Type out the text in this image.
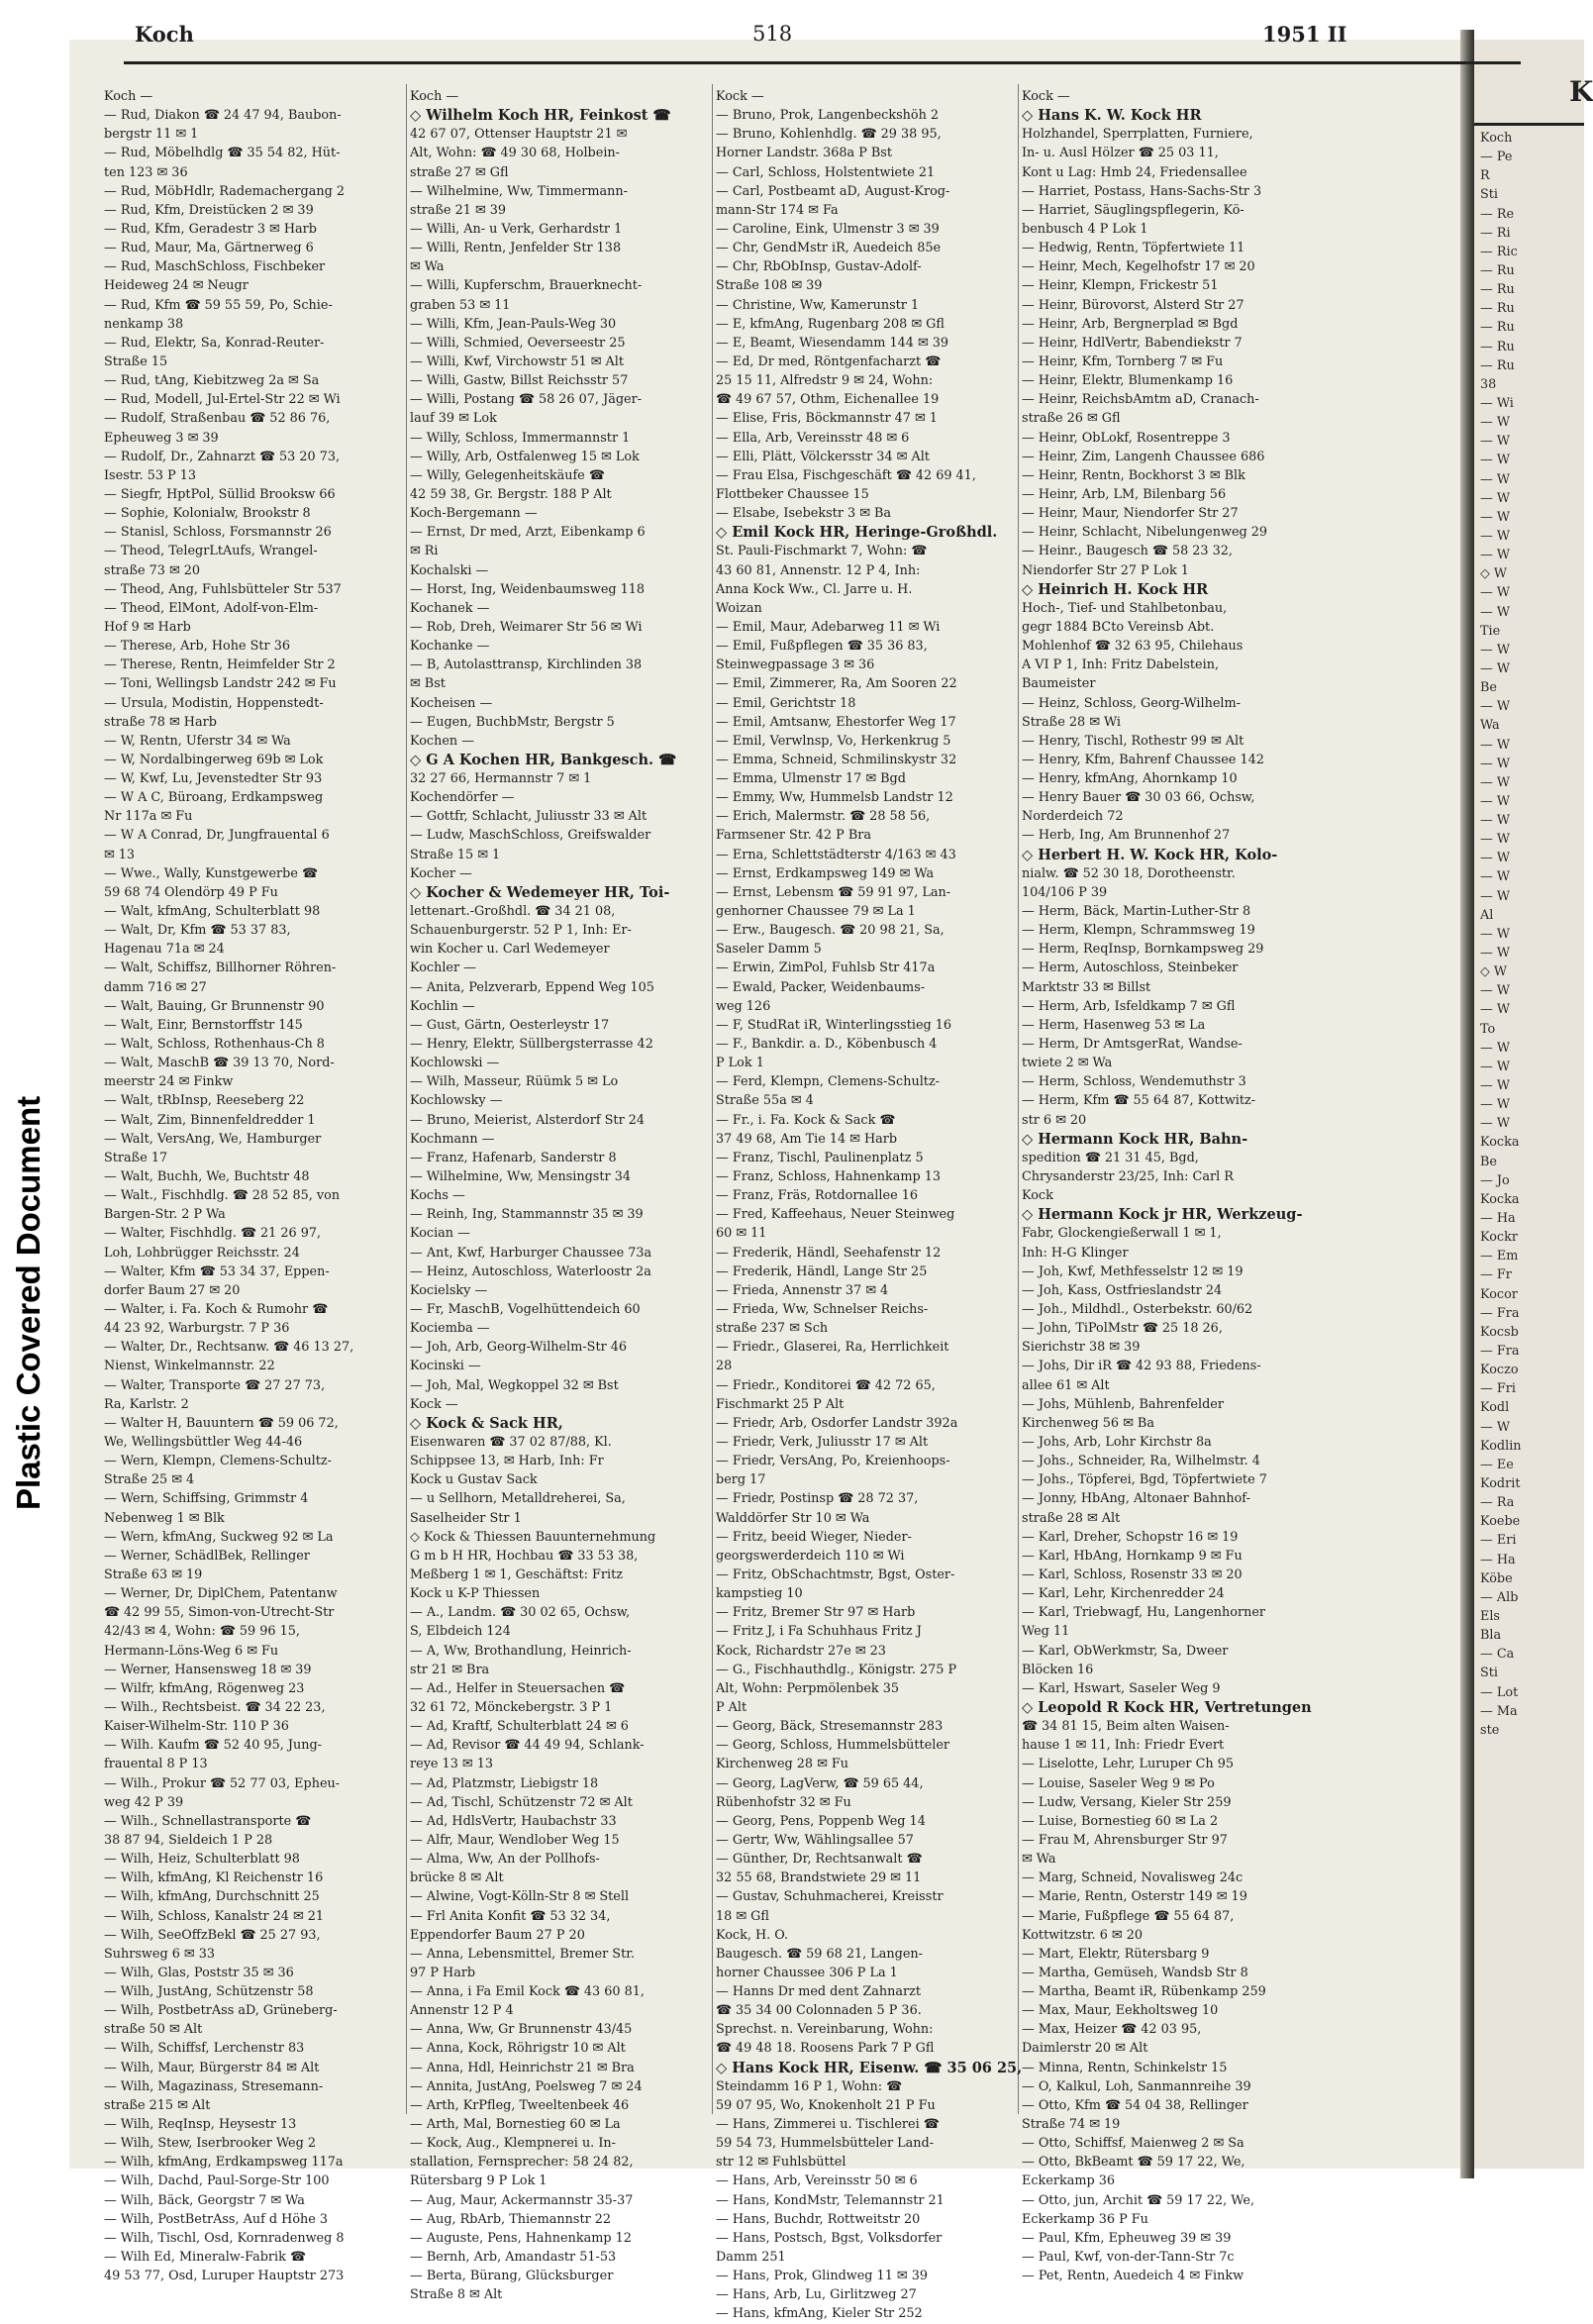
K
Koch
— Pe
R
Sti
— Re
— Ri
— Ric
— Ru
— Ru
— Ru
— Ru
— Ru
— Ru
38
— Wi
— W
— W
— W
— W
— W
— W
— W
— W
◇ W
— W
— W
Tie
— W
— W
Be
— W
Wa
— W
— W
— W
— W
— W
— W
— W
— W
— W
Al
— W
— W
◇ W
— W
— W
To
— W
— W
— W
— W
— W
Kocka
Be
— Jo
Kocka
— Ha
Kockr
— Em
— Fr
Kocor
— Fra
Kocsb
— Fra
Koczo
— Fri
Kodl
— W
Kodlin
— Ee
Kodrit
— Ra
Koebe
— Eri
— Ha
Köbe
— Alb
Els
Bla
— Ca
Sti
— Lot
— Ma
ste
Koch	518	1951 II
Koch —
— Rud, Diakon ☎ 24 47 94, Baubon-
bergstr 11 ✉ 1
— Rud, Möbelhdlg ☎ 35 54 82, Hüt-
ten 123 ✉ 36
— Rud, MöbHdlr, Rademachergang 2
— Rud, Kfm, Dreistücken 2 ✉ 39
— Rud, Kfm, Geradestr 3 ✉ Harb
— Rud, Maur, Ma, Gärtnerweg 6
— Rud, MaschSchloss, Fischbeker
Heideweg 24 ✉ Neugr
— Rud, Kfm ☎ 59 55 59, Po, Schie-
nenkamp 38
— Rud, Elektr, Sa, Konrad-Reuter-
Straße 15
— Rud, tAng, Kiebitzweg 2a ✉ Sa
— Rud, Modell, Jul-Ertel-Str 22 ✉ Wi
— Rudolf, Straßenbau ☎ 52 86 76,
Epheuweg 3 ✉ 39
— Rudolf, Dr., Zahnarzt ☎ 53 20 73,
Isestr. 53 P 13
— Siegfr, HptPol, Süllid Brooksw 66
— Sophie, Kolonialw, Brookstr 8
— Stanisl, Schloss, Forsmannstr 26
— Theod, TelegrLtAufs, Wrangel-
straße 73 ✉ 20
— Theod, Ang, Fuhlsbütteler Str 537
— Theod, ElMont, Adolf-von-Elm-
Hof 9 ✉ Harb
— Therese, Arb, Hohe Str 36
— Therese, Rentn, Heimfelder Str 2
— Toni, Wellingsb Landstr 242 ✉ Fu
— Ursula, Modistin, Hoppenstedt-
straße 78 ✉ Harb
— W, Rentn, Uferstr 34 ✉ Wa
— W, Nordalbingerweg 69b ✉ Lok
— W, Kwf, Lu, Jevenstedter Str 93
— W A C, Büroang, Erdkampsweg
Nr 117a ✉ Fu
— W A Conrad, Dr, Jungfrauental 6
✉ 13
— Wwe., Wally, Kunstgewerbe ☎
59 68 74 Olendörp 49 P Fu
— Walt, kfmAng, Schulterblatt 98
— Walt, Dr, Kfm ☎ 53 37 83,
Hagenau 71a ✉ 24
— Walt, Schiffsz, Billhorner Röhren-
damm 716 ✉ 27
— Walt, Bauing, Gr Brunnenstr 90
— Walt, Einr, Bernstorffstr 145
— Walt, Schloss, Rothenhaus-Ch 8
— Walt, MaschB ☎ 39 13 70, Nord-
meerstr 24 ✉ Finkw
— Walt, tRbInsp, Reeseberg 22
— Walt, Zim, Binnenfeldredder 1
— Walt, VersAng, We, Hamburger
Straße 17
— Walt, Buchh, We, Buchtstr 48
— Walt., Fischhdlg. ☎ 28 52 85, von
Bargen-Str. 2 P Wa
— Walter, Fischhdlg. ☎ 21 26 97,
Loh, Lohbrügger Reichsstr. 24
— Walter, Kfm ☎ 53 34 37, Eppen-
dorfer Baum 27 ✉ 20
— Walter, i. Fa. Koch & Rumohr ☎
44 23 92, Warburgstr. 7 P 36
— Walter, Dr., Rechtsanw. ☎ 46 13 27,
Nienst, Winkelmannstr. 22
— Walter, Transporte ☎ 27 27 73,
Ra, Karlstr. 2
— Walter H, Bauuntern ☎ 59 06 72,
We, Wellingsbüttler Weg 44-46
— Wern, Klempn, Clemens-Schultz-
Straße 25 ✉ 4
— Wern, Schiffsing, Grimmstr 4
Nebenweg 1 ✉ Blk
— Wern, kfmAng, Suckweg 92 ✉ La
— Werner, SchädlBek, Rellinger
Straße 63 ✉ 19
— Werner, Dr, DiplChem, Patentanw
☎ 42 99 55, Simon-von-Utrecht-Str
42/43 ✉ 4, Wohn: ☎ 59 96 15,
Hermann-Löns-Weg 6 ✉ Fu
— Werner, Hansensweg 18 ✉ 39
— Wilfr, kfmAng, Rögenweg 23
— Wilh., Rechtsbeist. ☎ 34 22 23,
Kaiser-Wilhelm-Str. 110 P 36
— Wilh. Kaufm ☎ 52 40 95, Jung-
frauental 8 P 13
— Wilh., Prokur ☎ 52 77 03, Epheu-
weg 42 P 39
— Wilh., Schnellastransporte ☎
38 87 94, Sieldeich 1 P 28
— Wilh, Heiz, Schulterblatt 98
— Wilh, kfmAng, Kl Reichenstr 16
— Wilh, kfmAng, Durchschnitt 25
— Wilh, Schloss, Kanalstr 24 ✉ 21
— Wilh, SeeOffzBekl ☎ 25 27 93,
Suhrsweg 6 ✉ 33
— Wilh, Glas, Poststr 35 ✉ 36
— Wilh, JustAng, Schützenstr 58
— Wilh, PostbetrAss aD, Grüneberg-
straße 50 ✉ Alt
— Wilh, Schiffsf, Lerchenstr 83
— Wilh, Maur, Bürgerstr 84 ✉ Alt
— Wilh, Magazinass, Stresemann-
straße 215 ✉ Alt
— Wilh, ReqInsp, Heysestr 13
— Wilh, Stew, Iserbrooker Weg 2
— Wilh, kfmAng, Erdkampsweg 117a
— Wilh, Dachd, Paul-Sorge-Str 100
— Wilh, Bäck, Georgstr 7 ✉ Wa
— Wilh, PostBetrAss, Auf d Höhe 3
— Wilh, Tischl, Osd, Kornradenweg 8
— Wilh Ed, Mineralw-Fabrik ☎
49 53 77, Osd, Luruper Hauptstr 273
Koch —
◇ Wilhelm Koch HR, Feinkost ☎
42 67 07, Ottenser Hauptstr 21 ✉
Alt, Wohn: ☎ 49 30 68, Holbein-
straße 27 ✉ Gfl
— Wilhelmine, Ww, Timmermann-
straße 21 ✉ 39
— Willi, An- u Verk, Gerhardstr 1
— Willi, Rentn, Jenfelder Str 138
✉ Wa
— Willi, Kupferschm, Brauerknecht-
graben 53 ✉ 11
— Willi, Kfm, Jean-Pauls-Weg 30
— Willi, Schmied, Oeverseestr 25
— Willi, Kwf, Virchowstr 51 ✉ Alt
— Willi, Gastw, Billst Reichsstr 57
— Willi, Postang ☎ 58 26 07, Jäger-
lauf 39 ✉ Lok
— Willy, Schloss, Immermannstr 1
— Willy, Arb, Ostfalenweg 15 ✉ Lok
— Willy, Gelegenheitskäufe ☎
42 59 38, Gr. Bergstr. 188 P Alt
Koch-Bergemann —
— Ernst, Dr med, Arzt, Eibenkamp 6
✉ Ri
Kochalski —
— Horst, Ing, Weidenbaumsweg 118
Kochanek —
— Rob, Dreh, Weimarer Str 56 ✉ Wi
Kochanke —
— B, Autolasttransp, Kirchlinden 38
✉ Bst
Kocheisen —
— Eugen, BuchbMstr, Bergstr 5
Kochen —
◇ G A Kochen HR, Bankgesch. ☎
32 27 66, Hermannstr 7 ✉ 1
Kochendörfer —
— Gottfr, Schlacht, Juliusstr 33 ✉ Alt
— Ludw, MaschSchloss, Greifswalder
Straße 15 ✉ 1
Kocher —
◇ Kocher & Wedemeyer HR, Toi-
lettenart.-Großhdl. ☎ 34 21 08,
Schauenburgerstr. 52 P 1, Inh: Er-
win Kocher u. Carl Wedemeyer
Kochler —
— Anita, Pelzverarb, Eppend Weg 105
Kochlin —
— Gust, Gärtn, Oesterleystr 17
— Henry, Elektr, Süllbergsterrasse 42
Kochlowski —
— Wilh, Masseur, Rüümk 5 ✉ Lo
Kochlowsky —
— Bruno, Meierist, Alsterdorf Str 24
Kochmann —
— Franz, Hafenarb, Sanderstr 8
— Wilhelmine, Ww, Mensingstr 34
Kochs —
— Reinh, Ing, Stammannstr 35 ✉ 39
Kocian —
— Ant, Kwf, Harburger Chaussee 73a
— Heinz, Autoschloss, Waterloostr 2a
Kocielsky —
— Fr, MaschB, Vogelhüttendeich 60
Kociemba —
— Joh, Arb, Georg-Wilhelm-Str 46
Kocinski —
— Joh, Mal, Wegkoppel 32 ✉ Bst
Kock —
◇ Kock & Sack HR,
Eisenwaren ☎ 37 02 87/88, Kl.
Schippsee 13, ✉ Harb, Inh: Fr
Kock u Gustav Sack
— u Sellhorn, Metalldreherei, Sa,
Saselheider Str 1
◇ Kock & Thiessen Bauunternehmung
G m b H HR, Hochbau ☎ 33 53 38,
Meßberg 1 ✉ 1, Geschäftst: Fritz
Kock u K-P Thiessen
— A., Landm. ☎ 30 02 65, Ochsw,
S, Elbdeich 124
— A, Ww, Brothandlung, Heinrich-
str 21 ✉ Bra
— Ad., Helfer in Steuersachen ☎
32 61 72, Mönckebergstr. 3 P 1
— Ad, Kraftf, Schulterblatt 24 ✉ 6
— Ad, Revisor ☎ 44 49 94, Schlank-
reye 13 ✉ 13
— Ad, Platzmstr, Liebigstr 18
— Ad, Tischl, Schützenstr 72 ✉ Alt
— Ad, HdlsVertr, Haubachstr 33
— Alfr, Maur, Wendlober Weg 15
— Alma, Ww, An der Pollhofs-
brücke 8 ✉ Alt
— Alwine, Vogt-Kölln-Str 8 ✉ Stell
— Frl Anita Konfit ☎ 53 32 34,
Eppendorfer Baum 27 P 20
— Anna, Lebensmittel, Bremer Str.
97 P Harb
— Anna, i Fa Emil Kock ☎ 43 60 81,
Annenstr 12 P 4
— Anna, Ww, Gr Brunnenstr 43/45
— Anna, Kock, Röhrigstr 10 ✉ Alt
— Anna, Hdl, Heinrichstr 21 ✉ Bra
— Annita, JustAng, Poelsweg 7 ✉ 24
— Arth, KrPfleg, Tweeltenbeek 46
— Arth, Mal, Bornestieg 60 ✉ La
— Kock, Aug., Klempnerei u. In-
stallation, Fernsprecher: 58 24 82,
Rütersbarg 9 P Lok 1
— Aug, Maur, Ackermannstr 35-37
— Aug, RbArb, Thiemannstr 22
— Auguste, Pens, Hahnenkamp 12
— Bernh, Arb, Amandastr 51-53
— Berta, Bürang, Glücksburger
Straße 8 ✉ Alt
Kock —
— Bruno, Prok, Langenbeckshöh 2
— Bruno, Kohlenhdlg. ☎ 29 38 95,
Horner Landstr. 368a P Bst
— Carl, Schloss, Holstentwiete 21
— Carl, Postbeamt aD, August-Krog-
mann-Str 174 ✉ Fa
— Caroline, Eink, Ulmenstr 3 ✉ 39
— Chr, GendMstr iR, Auedeich 85e
— Chr, RbObInsp, Gustav-Adolf-
Straße 108 ✉ 39
— Christine, Ww, Kamerunstr 1
— E, kfmAng, Rugenbarg 208 ✉ Gfl
— E, Beamt, Wiesendamm 144 ✉ 39
— Ed, Dr med, Röntgenfacharzt ☎
25 15 11, Alfredstr 9 ✉ 24, Wohn:
☎ 49 67 57, Othm, Eichenallee 19
— Elise, Fris, Böckmannstr 47 ✉ 1
— Ella, Arb, Vereinsstr 48 ✉ 6
— Elli, Plätt, Völckersstr 34 ✉ Alt
— Frau Elsa, Fischgeschäft ☎ 42 69 41,
Flottbeker Chaussee 15
— Elsabe, Isebekstr 3 ✉ Ba
◇ Emil Kock HR, Heringe-Großhdl.
St. Pauli-Fischmarkt 7, Wohn: ☎
43 60 81, Annenstr. 12 P 4, Inh:
Anna Kock Ww., Cl. Jarre u. H.
Woizan
— Emil, Maur, Adebarweg 11 ✉ Wi
— Emil, Fußpflegen ☎ 35 36 83,
Steinwegpassage 3 ✉ 36
— Emil, Zimmerer, Ra, Am Sooren 22
— Emil, Gerichtstr 18
— Emil, Amtsanw, Ehestorfer Weg 17
— Emil, Verwlnsp, Vo, Herkenkrug 5
— Emma, Schneid, Schmilinskystr 32
— Emma, Ulmenstr 17 ✉ Bgd
— Emmy, Ww, Hummelsb Landstr 12
— Erich, Malermstr. ☎ 28 58 56,
Farmsener Str. 42 P Bra
— Erna, Schlettstädterstr 4/163 ✉ 43
— Ernst, Erdkampsweg 149 ✉ Wa
— Ernst, Lebensm ☎ 59 91 97, Lan-
genhorner Chaussee 79 ✉ La 1
— Erw., Baugesch. ☎ 20 98 21, Sa,
Saseler Damm 5
— Erwin, ZimPol, Fuhlsb Str 417a
— Ewald, Packer, Weidenbaums-
weg 126
— F, StudRat iR, Winterlingsstieg 16
— F., Bankdir. a. D., Köbenbusch 4
P Lok 1
— Ferd, Klempn, Clemens-Schultz-
Straße 55a ✉ 4
— Fr., i. Fa. Kock & Sack ☎
37 49 68, Am Tie 14 ✉ Harb
— Franz, Tischl, Paulinenplatz 5
— Franz, Schloss, Hahnenkamp 13
— Franz, Fräs, Rotdornallee 16
— Fred, Kaffeehaus, Neuer Steinweg
60 ✉ 11
— Frederik, Händl, Seehafenstr 12
— Frederik, Händl, Lange Str 25
— Frieda, Annenstr 37 ✉ 4
— Frieda, Ww, Schnelser Reichs-
straße 237 ✉ Sch
— Friedr., Glaserei, Ra, Herrlichkeit
28
— Friedr., Konditorei ☎ 42 72 65,
Fischmarkt 25 P Alt
— Friedr, Arb, Osdorfer Landstr 392a
— Friedr, Verk, Juliusstr 17 ✉ Alt
— Friedr, VersAng, Po, Kreienhoops-
berg 17
— Friedr, Postinsp ☎ 28 72 37,
Walddörfer Str 10 ✉ Wa
— Fritz, beeid Wieger, Nieder-
georgswerderdeich 110 ✉ Wi
— Fritz, ObSchachtmstr, Bgst, Oster-
kampstieg 10
— Fritz, Bremer Str 97 ✉ Harb
— Fritz J, i Fa Schuhhaus Fritz J
Kock, Richardstr 27e ✉ 23
— G., Fischhauthdlg., Königstr. 275 P
Alt, Wohn: Perpmölenbek 35
P Alt
— Georg, Bäck, Stresemannstr 283
— Georg, Schloss, Hummelsbütteler
Kirchenweg 28 ✉ Fu
— Georg, LagVerw, ☎ 59 65 44,
Rübenhofstr 32 ✉ Fu
— Georg, Pens, Poppenb Weg 14
— Gertr, Ww, Wählingsallee 57
— Günther, Dr, Rechtsanwalt ☎
32 55 68, Brandstwiete 29 ✉ 11
— Gustav, Schuhmacherei, Kreisstr
18 ✉ Gfl
Kock, H. O.
Baugesch. ☎ 59 68 21, Langen-
horner Chaussee 306 P La 1
— Hanns Dr med dent Zahnarzt
☎ 35 34 00 Colonnaden 5 P 36.
Sprechst. n. Vereinbarung, Wohn:
☎ 49 48 18. Roosens Park 7 P Gfl
◇ Hans Kock HR, Eisenw. ☎ 35 06 25,
Steindamm 16 P 1, Wohn: ☎
59 07 95, Wo, Knokenholt 21 P Fu
— Hans, Zimmerei u. Tischlerei ☎
59 54 73, Hummelsbütteler Land-
str 12 ✉ Fuhlsbüttel
— Hans, Arb, Vereinsstr 50 ✉ 6
— Hans, KondMstr, Telemannstr 21
— Hans, Buchdr, Rottweitstr 20
— Hans, Postsch, Bgst, Volksdorfer
Damm 251
— Hans, Prok, Glindweg 11 ✉ 39
— Hans, Arb, Lu, Girlitzweg 27
— Hans, kfmAng, Kieler Str 252
Kock —
◇ Hans K. W. Kock HR
Holzhandel, Sperrplatten, Furniere,
In- u. Ausl Hölzer ☎ 25 03 11,
Kont u Lag: Hmb 24, Friedensallee
— Harriet, Postass, Hans-Sachs-Str 3
— Harriet, Säuglingspflegerin, Kö-
benbusch 4 P Lok 1
— Hedwig, Rentn, Töpfertwiete 11
— Heinr, Mech, Kegelhofstr 17 ✉ 20
— Heinr, Klempn, Frickestr 51
— Heinr, Bürovorst, Alsterd Str 27
— Heinr, Arb, Bergnerplad ✉ Bgd
— Heinr, HdlVertr, Babendiekstr 7
— Heinr, Kfm, Tornberg 7 ✉ Fu
— Heinr, Elektr, Blumenkamp 16
— Heinr, ReichsbAmtm aD, Cranach-
straße 26 ✉ Gfl
— Heinr, ObLokf, Rosentreppe 3
— Heinr, Zim, Langenh Chaussee 686
— Heinr, Rentn, Bockhorst 3 ✉ Blk
— Heinr, Arb, LM, Bilenbarg 56
— Heinr, Maur, Niendorfer Str 27
— Heinr, Schlacht, Nibelungenweg 29
— Heinr., Baugesch ☎ 58 23 32,
Niendorfer Str 27 P Lok 1
◇ Heinrich H. Kock HR
Hoch-, Tief- und Stahlbetonbau,
gegr 1884 BCto Vereinsb Abt.
Mohlenhof ☎ 32 63 95, Chilehaus
A VI P 1, Inh: Fritz Dabelstein,
Baumeister
— Heinz, Schloss, Georg-Wilhelm-
Straße 28 ✉ Wi
— Henry, Tischl, Rothestr 99 ✉ Alt
— Henry, Kfm, Bahrenf Chaussee 142
— Henry, kfmAng, Ahornkamp 10
— Henry Bauer ☎ 30 03 66, Ochsw,
Norderdeich 72
— Herb, Ing, Am Brunnenhof 27
◇ Herbert H. W. Kock HR, Kolo-
nialw. ☎ 52 30 18, Dorotheenstr.
104/106 P 39
— Herm, Bäck, Martin-Luther-Str 8
— Herm, Klempn, Schrammsweg 19
— Herm, ReqInsp, Bornkampsweg 29
— Herm, Autoschloss, Steinbeker
Marktstr 33 ✉ Billst
— Herm, Arb, Isfeldkamp 7 ✉ Gfl
— Herm, Hasenweg 53 ✉ La
— Herm, Dr AmtsgerRat, Wandse-
twiete 2 ✉ Wa
— Herm, Schloss, Wendemuthstr 3
— Herm, Kfm ☎ 55 64 87, Kottwitz-
str 6 ✉ 20
◇ Hermann Kock HR, Bahn-
spedition ☎ 21 31 45, Bgd,
Chrysanderstr 23/25, Inh: Carl R
Kock
◇ Hermann Kock jr HR, Werkzeug-
Fabr, Glockengießerwall 1 ✉ 1,
Inh: H-G Klinger
— Joh, Kwf, Methfesselstr 12 ✉ 19
— Joh, Kass, Ostfrieslandstr 24
— Joh., Mildhdl., Osterbekstr. 60/62
— John, TiPolMstr ☎ 25 18 26,
Sierichstr 38 ✉ 39
— Johs, Dir iR ☎ 42 93 88, Friedens-
allee 61 ✉ Alt
— Johs, Mühlenb, Bahrenfelder
Kirchenweg 56 ✉ Ba
— Johs, Arb, Lohr Kirchstr 8a
— Johs., Schneider, Ra, Wilhelmstr. 4
— Johs., Töpferei, Bgd, Töpfertwiete 7
— Jonny, HbAng, Altonaer Bahnhof-
straße 28 ✉ Alt
— Karl, Dreher, Schopstr 16 ✉ 19
— Karl, HbAng, Hornkamp 9 ✉ Fu
— Karl, Schloss, Rosenstr 33 ✉ 20
— Karl, Lehr, Kirchenredder 24
— Karl, Triebwagf, Hu, Langenhorner
Weg 11
— Karl, ObWerkmstr, Sa, Dweer
Blöcken 16
— Karl, Hswart, Saseler Weg 9
◇ Leopold R Kock HR, Vertretungen
☎ 34 81 15, Beim alten Waisen-
hause 1 ✉ 11, Inh: Friedr Evert
— Liselotte, Lehr, Luruper Ch 95
— Louise, Saseler Weg 9 ✉ Po
— Ludw, Versang, Kieler Str 259
— Luise, Bornestieg 60 ✉ La 2
— Frau M, Ahrensburger Str 97
✉ Wa
— Marg, Schneid, Novalisweg 24c
— Marie, Rentn, Osterstr 149 ✉ 19
— Marie, Fußpflege ☎ 55 64 87,
Kottwitzstr. 6 ✉ 20
— Mart, Elektr, Rütersbarg 9
— Martha, Gemüseh, Wandsb Str 8
— Martha, Beamt iR, Rübenkamp 259
— Max, Maur, Eekholtsweg 10
— Max, Heizer ☎ 42 03 95,
Daimlerstr 20 ✉ Alt
— Minna, Rentn, Schinkelstr 15
— O, Kalkul, Loh, Sanmannreihe 39
— Otto, Kfm ☎ 54 04 38, Rellinger
Straße 74 ✉ 19
— Otto, Schiffsf, Maienweg 2 ✉ Sa
— Otto, BkBeamt ☎ 59 17 22, We,
Eckerkamp 36
— Otto, jun, Archit ☎ 59 17 22, We,
Eckerkamp 36 P Fu
— Paul, Kfm, Epheuweg 39 ✉ 39
— Paul, Kwf, von-der-Tann-Str 7c
— Pet, Rentn, Auedeich 4 ✉ Finkw
Plastic Covered Document
